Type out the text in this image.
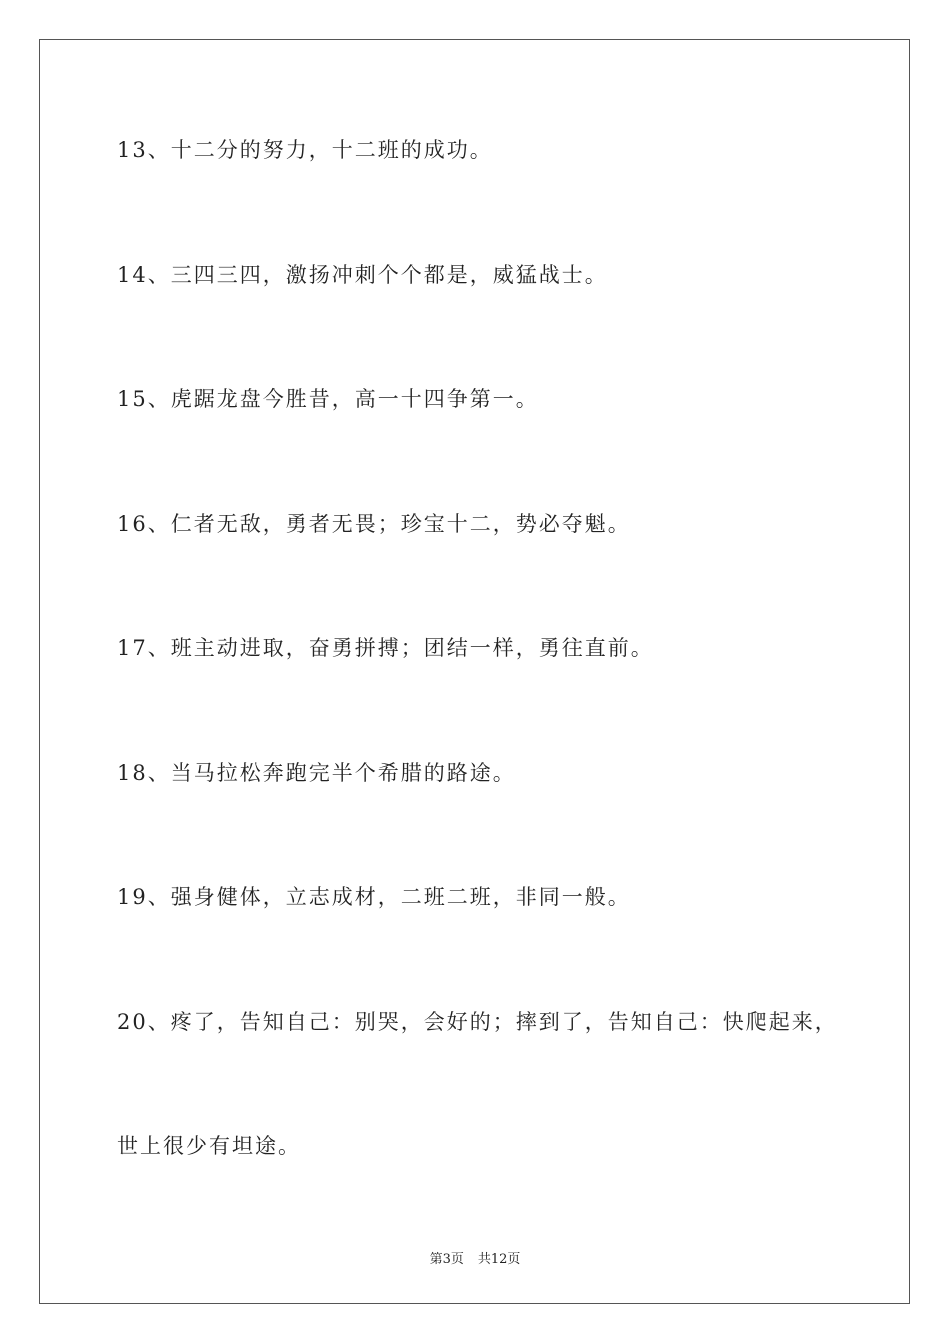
13、十二分的努力，十二班的成功。
14、三四三四，激扬冲刺个个都是，威猛战士。
15、虎踞龙盘今胜昔，高一十四争第一。
16、仁者无敌，勇者无畏；珍宝十二，势必夺魁。
17、班主动进取，奋勇拼搏；团结一样，勇往直前。
18、当马拉松奔跑完半个希腊的路途。
19、强身健体，立志成材，二班二班，非同一般。
20、疼了，告知自己：别哭，会好的；摔到了，告知自己：快爬起来，
世上很少有坦途。
第3页 共12页
